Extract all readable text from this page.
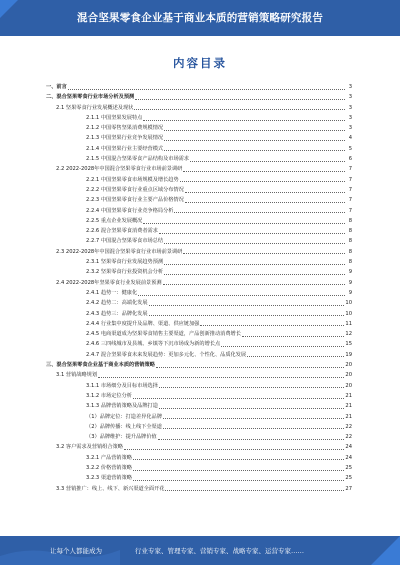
混合坚果零食企业基于商业本质的营销策略研究报告
内容目录
一、前言	3
二、混合坚果零食行业市场分析及预测	3
2.1 坚果零食行业发展概述及现状	3
2.1.1 中国坚果发展特点	3
2.1.2 中国零售坚果消费规模情况	3
2.1.3 中国坚果行业竞争发展情况	4
2.1.4 中国坚果行业主要经营模式	5
2.1.5 中国混合坚果零食产品结构及市场需求	6
2.2 2022-2028年中国混合坚果零食行业市场前景调研	7
2.2.1 中国坚果零食市场规模及增长趋势	7
2.2.2 中国坚果零食行业重点区域分布情况	7
2.2.3 中国坚果零食行业主要产品价格情况	7
2.2.4 中国坚果零食行业竞争格局分析	7
2.2.5 重点企业发展概况	8
2.2.6 混合坚果零食消费者需求	8
2.2.7 中国混合坚果零食市场总结	8
2.3 2022-2028年中国混合坚果零食行业市场前景调研	8
2.3.1 坚果零食行业发展趋势预测	8
2.3.2 坚果零食行业投资机会分析	9
2.4 2022-2028年坚果零食行业发展前景预测	9
2.4.1 趋势一：健康化	9
2.4.2 趋势二：高端化发展	10
2.4.3 趋势三：品牌化发展	10
2.4.4 行业集中度提升及品牌、渠道、供应链加强	11
2.4.5 电商渠道成为坚果零食销售主要渠道，产品创新推动消费增长	12
2.4.6 三四线城市及县城、乡镇等下沉市场成为新的增长点	15
2.4.7 混合坚果零食未来发展趋势：更加多元化、个性化、品质化发展	19
三、混合坚果零食企业基于商业本质的营销策略	20
3.1 营销战略规划	20
3.1.1 市场细分及目标市场选择	20
3.1.2 市场定位分析	21
3.1.3 品牌营销策略及品牌打造	21
（1）品牌定位：打造差异化品牌	21
（2）品牌传播：线上线下全渠道	22
（3）品牌维护：提升品牌价值	22
3.2 客户需求及营销组合策略	24
3.2.1 产品营销策略	24
3.2.2 价格营销策略	25
3.2.3 渠道营销策略	25
3.3 营销推广：线上、线下、新兴渠道全面开花	27
让每个人都能成为	行业专家、管理专家、营销专家、战略专家、运营专家……
